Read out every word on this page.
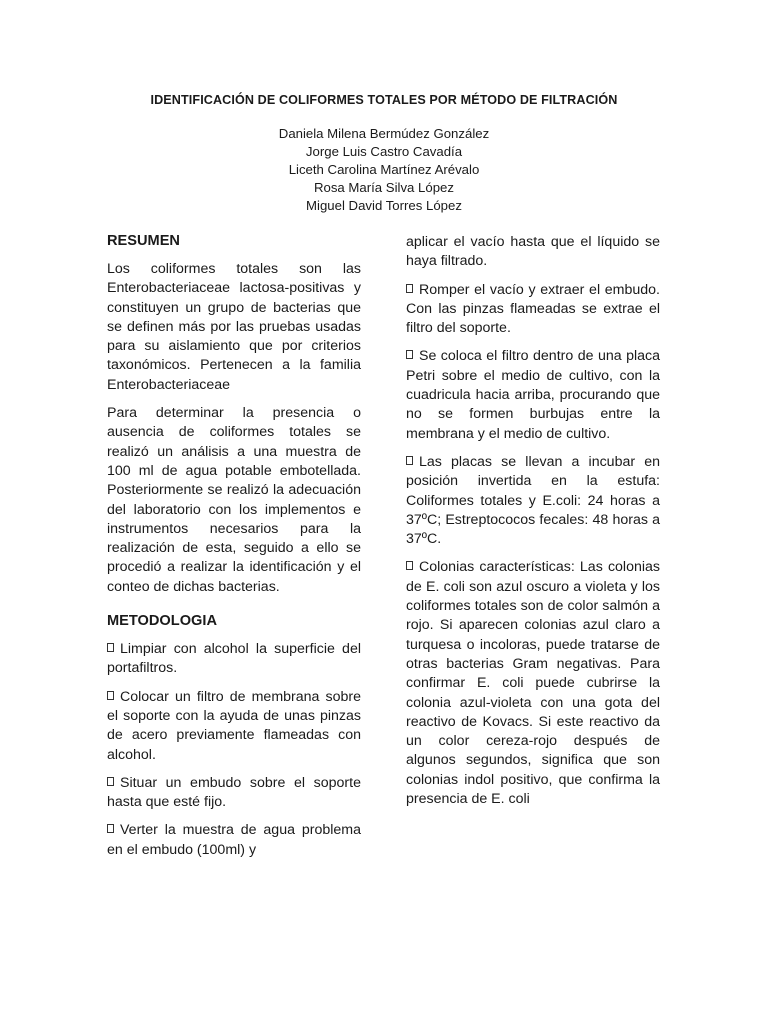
IDENTIFICACIÓN DE COLIFORMES TOTALES POR MÉTODO DE FILTRACIÓN
Daniela Milena Bermúdez González
Jorge Luis Castro Cavadía
Liceth Carolina Martínez Arévalo
Rosa María Silva López
Miguel David Torres López
RESUMEN

Los coliformes totales son las Enterobacteriaceae lactosa-positivas y constituyen un grupo de bacterias que se definen más por las pruebas usadas para su aislamiento que por criterios taxonómicos. Pertenecen a la familia Enterobacteriaceae

Para determinar la presencia o ausencia de coliformes totales se realizó un análisis a una muestra de 100 ml de agua potable embotellada. Posteriormente se realizó la adecuación del laboratorio con los implementos e instrumentos necesarios para la realización de esta, seguido a ello se procedió a realizar la identificación y el conteo de dichas bacterias.

METODOLOGIA

Limpiar con alcohol la superficie del portafiltros.

Colocar un filtro de membrana sobre el soporte con la ayuda de unas pinzas de acero previamente flameadas con alcohol.

Situar un embudo sobre el soporte hasta que esté fijo.

Verter la muestra de agua problema en el embudo (100ml) y

aplicar el vacío hasta que el líquido se haya filtrado.

Romper el vacío y extraer el embudo. Con las pinzas flameadas se extrae el filtro del soporte.

Se coloca el filtro dentro de una placa Petri sobre el medio de cultivo, con la cuadricula hacia arriba, procurando que no se formen burbujas entre la membrana y el medio de cultivo.

Las placas se llevan a incubar en posición invertida en la estufa: Coliformes totales y E.coli: 24 horas a 37ºC; Estreptococos fecales: 48 horas a 37ºC.

Colonias características: Las colonias de E. coli son azul oscuro a violeta y los coliformes totales son de color salmón a rojo. Si aparecen colonias azul claro a turquesa o incoloras, puede tratarse de otras bacterias Gram negativas. Para confirmar E. coli puede cubrirse la colonia azul-violeta con una gota del reactivo de Kovacs. Si este reactivo da un color cereza-rojo después de algunos segundos, significa que son colonias indol positivo, que confirma la presencia de E. coli
